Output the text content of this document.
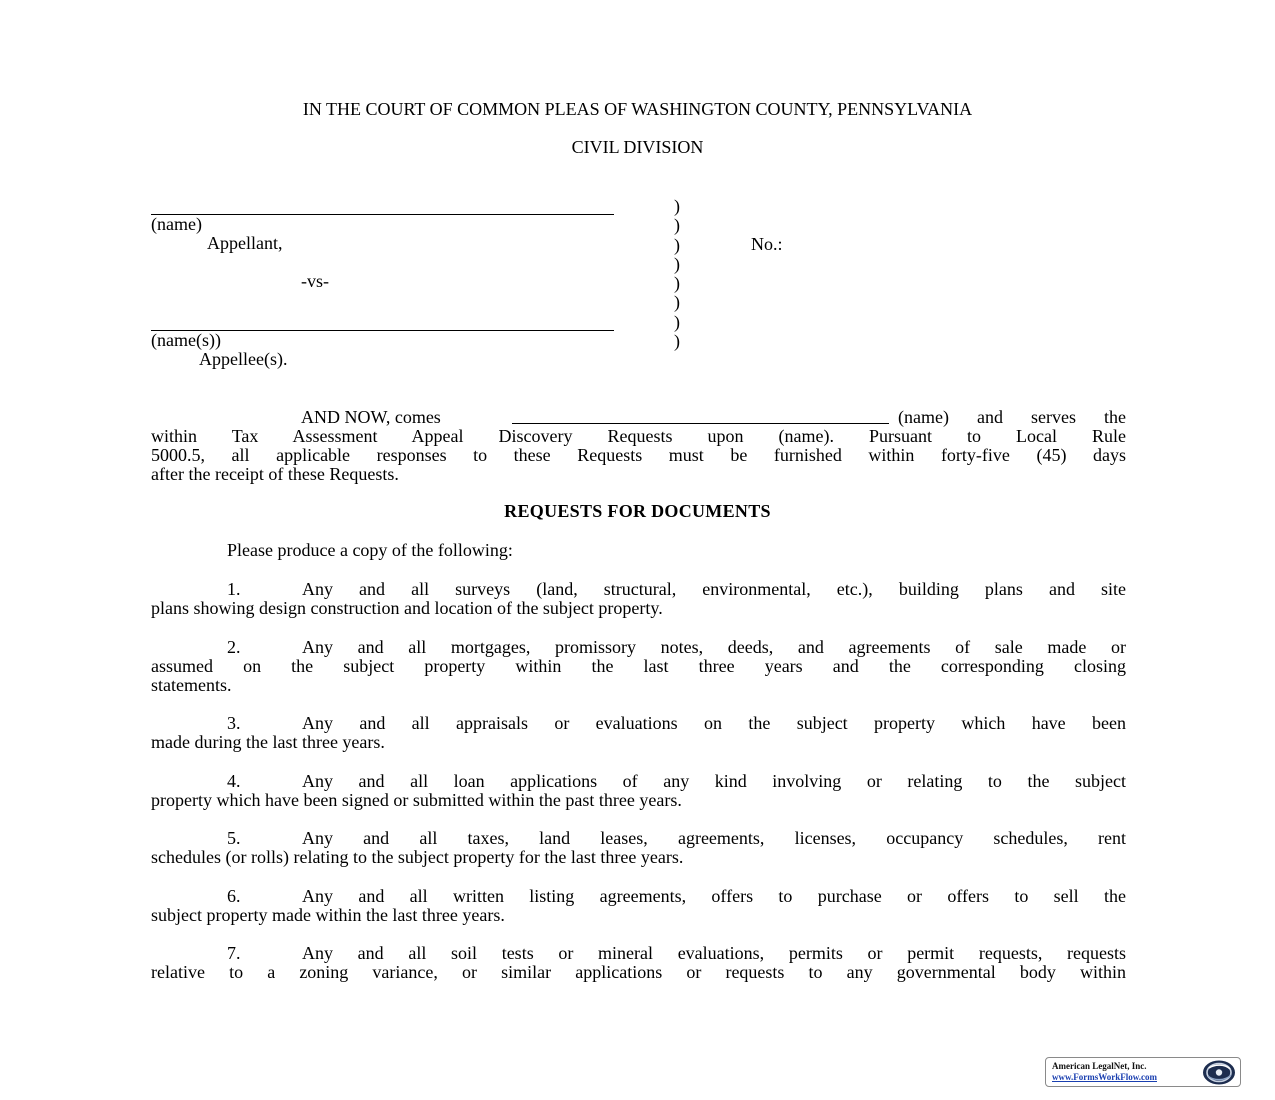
IN THE COURT OF COMMON PLEAS OF WASHINGTON COUNTY, PENNSYLVANIA
CIVIL DIVISION
(name)
Appellant,
-vs-
(name(s))
Appellee(s).
)
)
)
)
)
)
)
)
No.:
AND NOW, comes	(name) and serves the
within Tax Assessment Appeal Discovery Requests upon (name). Pursuant to Local Rule
5000.5, all applicable responses to these Requests must be furnished within forty-five (45) days
after the receipt of these Requests.
REQUESTS FOR DOCUMENTS
Please produce a copy of the following:
1.	Any and all surveys (land, structural, environmental, etc.), building plans and site
plans showing design construction and location of the subject property.
2.	Any and all mortgages, promissory notes, deeds, and agreements of sale made or
assumed on the subject property within the last three years and the corresponding closing
statements.
3.	Any and all appraisals or evaluations on the subject property which have been
made during the last three years.
4.	Any and all loan applications of any kind involving or relating to the subject
property which have been signed or submitted within the past three years.
5.	Any and all taxes, land leases, agreements, licenses, occupancy schedules, rent
schedules (or rolls) relating to the subject property for the last three years.
6.	Any and all written listing agreements, offers to purchase or offers to sell the
subject property made within the last three years.
7.	Any and all soil tests or mineral evaluations, permits or permit requests, requests
relative to a zoning variance, or similar applications or requests to any governmental body within
American LegalNet, Inc.
www.FormsWorkFlow.com
